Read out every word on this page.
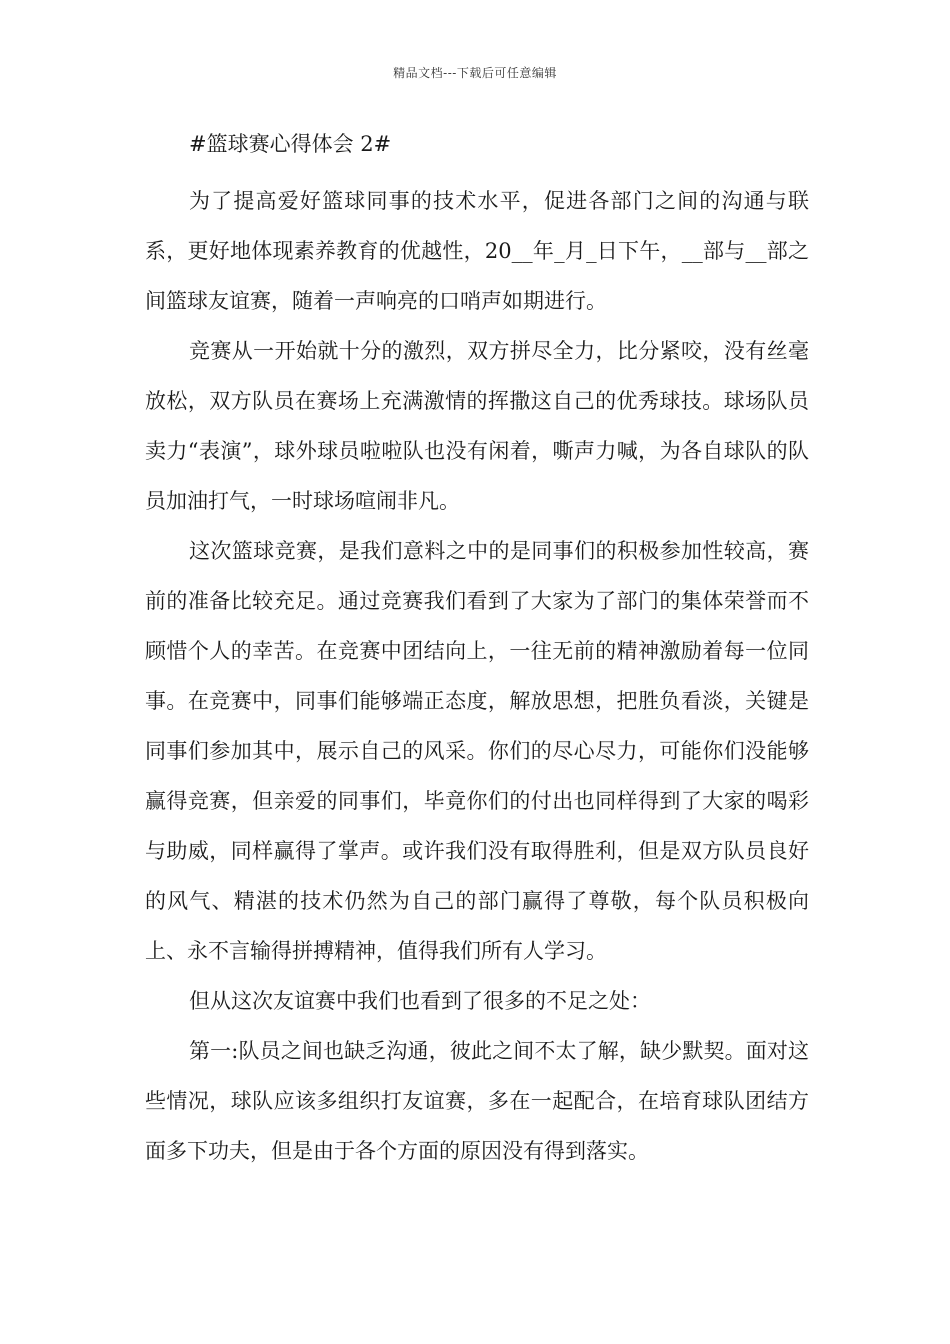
精品文档---下载后可任意编辑
#篮球赛心得体会 2#

为了提高爱好篮球同事的技术水平，促进各部门之间的沟通与联系，更好地体现素养教育的优越性，20__年_月_日下午，__部与__部之间篮球友谊赛，随着一声响亮的口哨声如期进行。

竞赛从一开始就十分的激烈，双方拼尽全力，比分紧咬，没有丝毫放松，双方队员在赛场上充满激情的挥撒这自己的优秀球技。球场队员卖力“表演”，球外球员啦啦队也没有闲着，嘶声力喊，为各自球队的队员加油打气，一时球场喧闹非凡。

这次篮球竞赛，是我们意料之中的是同事们的积极参加性较高，赛前的准备比较充足。通过竞赛我们看到了大家为了部门的集体荣誉而不顾惜个人的幸苦。在竞赛中团结向上，一往无前的精神激励着每一位同事。在竞赛中，同事们能够端正态度，解放思想，把胜负看淡，关键是同事们参加其中，展示自己的风采。你们的尽心尽力，可能你们没能够赢得竞赛，但亲爱的同事们，毕竟你们的付出也同样得到了大家的喝彩与助威，同样赢得了掌声。或许我们没有取得胜利，但是双方队员良好的风气、精湛的技术仍然为自己的部门赢得了尊敬，每个队员积极向上、永不言输得拼搏精神，值得我们所有人学习。

但从这次友谊赛中我们也看到了很多的不足之处：

第一:队员之间也缺乏沟通，彼此之间不太了解，缺少默契。面对这些情况，球队应该多组织打友谊赛，多在一起配合，在培育球队团结方面多下功夫，但是由于各个方面的原因没有得到落实。
